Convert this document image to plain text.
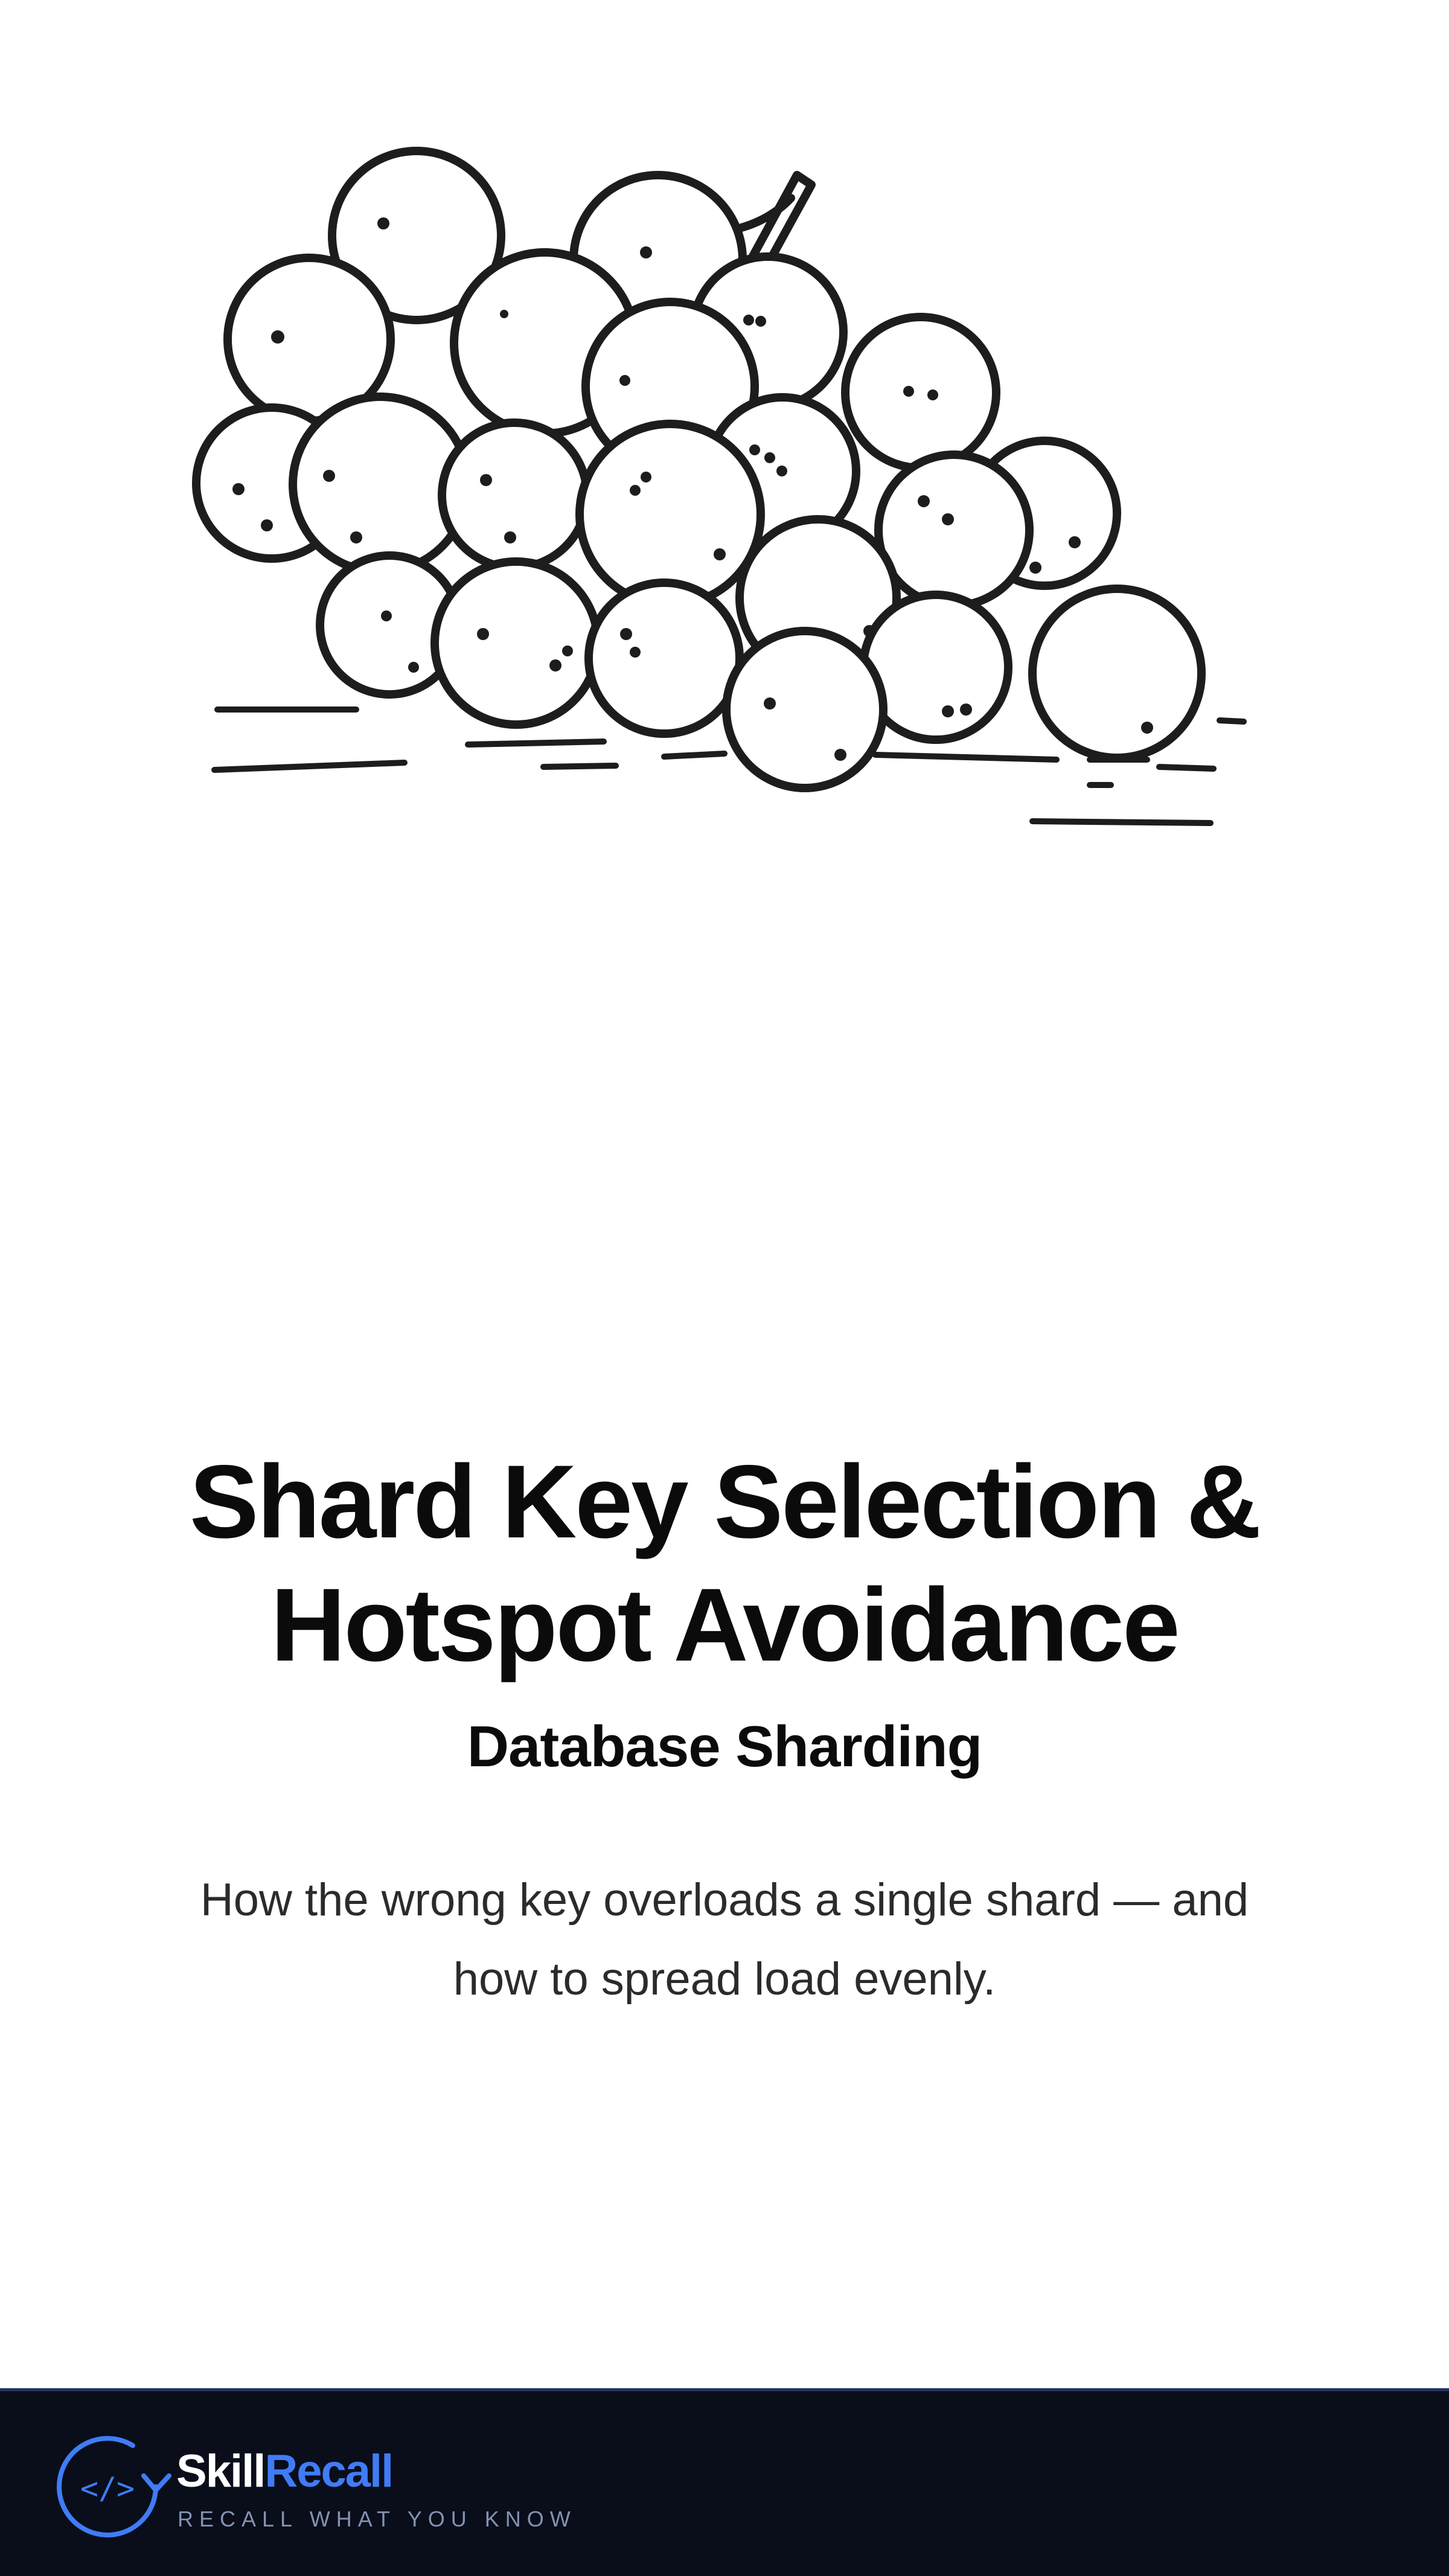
Shard Key Selection &
Hotspot Avoidance
Database Sharding

How the wrong key overloads a single shard — and
how to spread load evenly.

</> SkillRecall
RECALL WHAT YOU KNOW
